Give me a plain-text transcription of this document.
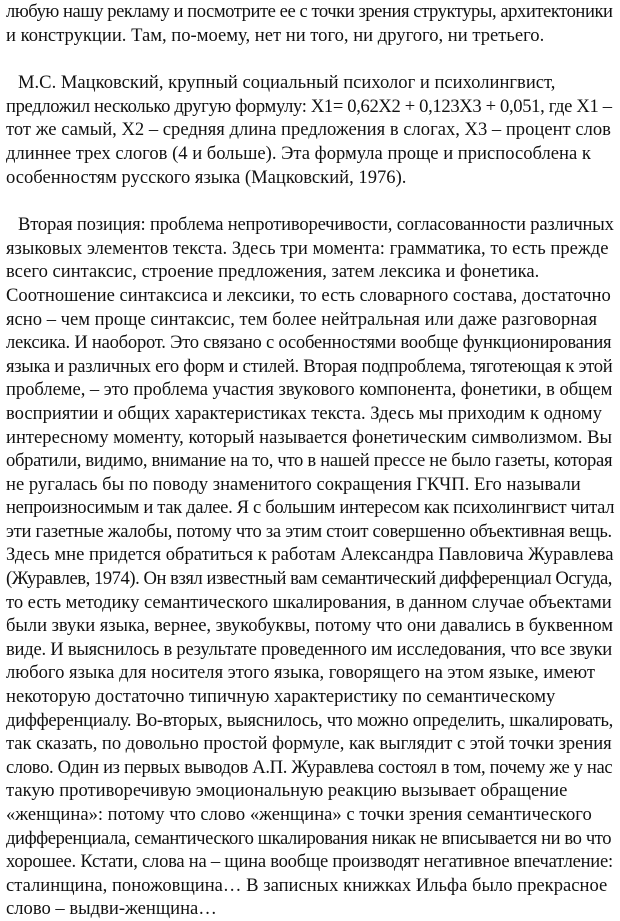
любую нашу рекламу и посмотрите ее с точки зрения структуры, архитектоники
и конструкции. Там, по-моему, нет ни того, ни другого, ни третьего.
М.С. Мацковский, крупный социальный психолог и психолингвист,
предложил несколько другую формулу: X1= 0,62X2 + 0,123X3 + 0,051, где X1 –
тот же самый, X2 – средняя длина предложения в слогах, X3 – процент слов
длиннее трех слогов (4 и больше). Эта формула проще и приспособлена к
особенностям русского языка (Мацковский, 1976).
Вторая позиция: проблема непротиворечивости, согласованности различных
языковых элементов текста. Здесь три момента: грамматика, то есть прежде
всего синтаксис, строение предложения, затем лексика и фонетика.
Соотношение синтаксиса и лексики, то есть словарного состава, достаточно
ясно – чем проще синтаксис, тем более нейтральная или даже разговорная
лексика. И наоборот. Это связано с особенностями вообще функционирования
языка и различных его форм и стилей. Вторая подпроблема, тяготеющая к этой
проблеме, – это проблема участия звукового компонента, фонетики, в общем
восприятии и общих характеристиках текста. Здесь мы приходим к одному
интересному моменту, который называется фонетическим символизмом. Вы
обратили, видимо, внимание на то, что в нашей прессе не было газеты, которая
не ругалась бы по поводу знаменитого сокращения ГКЧП. Его называли
непроизносимым и так далее. Я с большим интересом как психолингвист читал
эти газетные жалобы, потому что за этим стоит совершенно объективная вещь.
Здесь мне придется обратиться к работам Александра Павловича Журавлева
(Журавлев, 1974). Он взял известный вам семантический дифференциал Осгуда,
то есть методику семантического шкалирования, в данном случае объектами
были звуки языка, вернее, звукобуквы, потому что они давались в буквенном
виде. И выяснилось в результате проведенного им исследования, что все звуки
любого языка для носителя этого языка, говорящего на этом языке, имеют
некоторую достаточно типичную характеристику по семантическому
дифференциалу. Во-вторых, выяснилось, что можно определить, шкалировать,
так сказать, по довольно простой формуле, как выглядит с этой точки зрения
слово. Один из первых выводов А.П. Журавлева состоял в том, почему же у нас
такую противоречивую эмоциональную реакцию вызывает обращение
«женщина»: потому что слово «женщина» с точки зрения семантического
дифференциала, семантического шкалирования никак не вписывается ни во что
хорошее. Кстати, слова на – щина вообще производят негативное впечатление:
сталинщина, поножовщина… В записных книжках Ильфа было прекрасное
слово – выдви-женщина…
